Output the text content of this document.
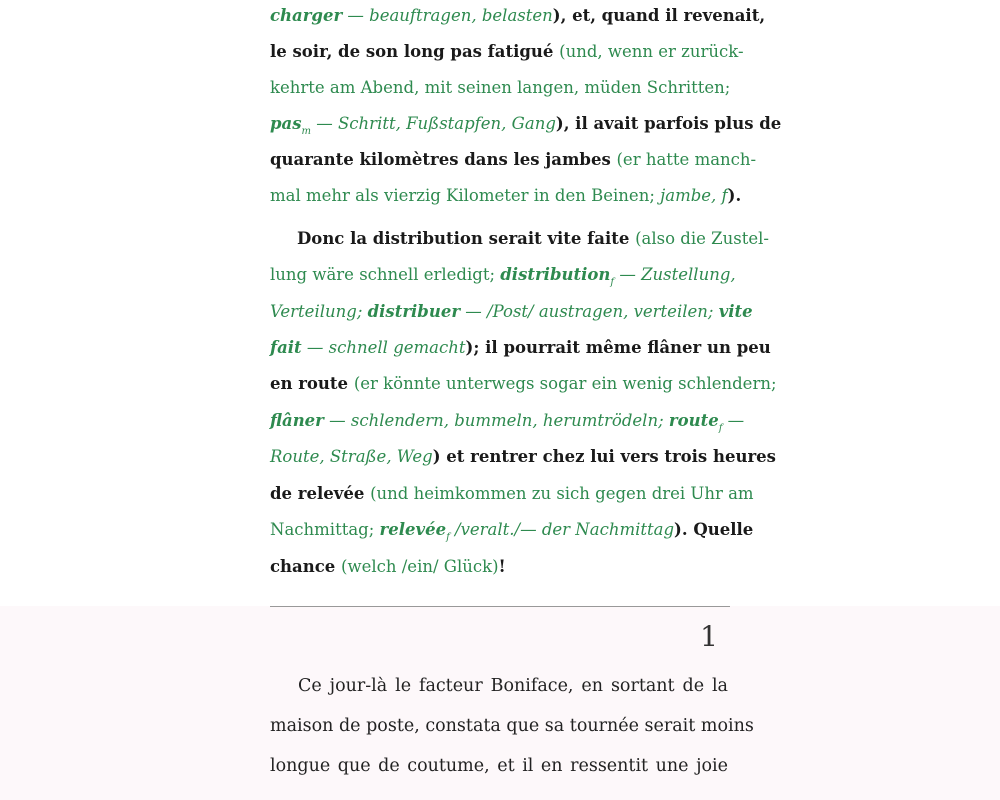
charger — beauftragen, belasten), et, quand il revenait,
le soir, de son long pas fatigué (und, wenn er zurück-
kehrte am Abend, mit seinen langen, müden Schritten;
pas$_m$ — Schritt, Fußstapfen, Gang), il avait parfois plus de
quarante kilomètres dans les jambes (er hatte manch-
mal mehr als vierzig Kilometer in den Beinen; jambe, f).
Donc la distribution serait vite faite (also die Zustel-
lung wäre schnell erledigt; distribution$_f$ — Zustellung,
Verteilung; distribuer — /Post/ austragen, verteilen; vite
fait — schnell gemacht); il pourrait même flâner un peu
en route (er könnte unterwegs sogar ein wenig schlendern;
flâner — schlendern, bummeln, herumtrödeln; route$_f$ —
Route, Straße, Weg) et rentrer chez lui vers trois heures
de relevée (und heimkommen zu sich gegen drei Uhr am
Nachmittag; relevée$_f$ /veralt./— der Nachmittag). Quelle
chance (welch /ein/ Glück)!
1
Ce jour-là le facteur Boniface, en sortant de la
maison de poste, constata que sa tournée serait moins
longue que de coutume, et il en ressentit une joie
